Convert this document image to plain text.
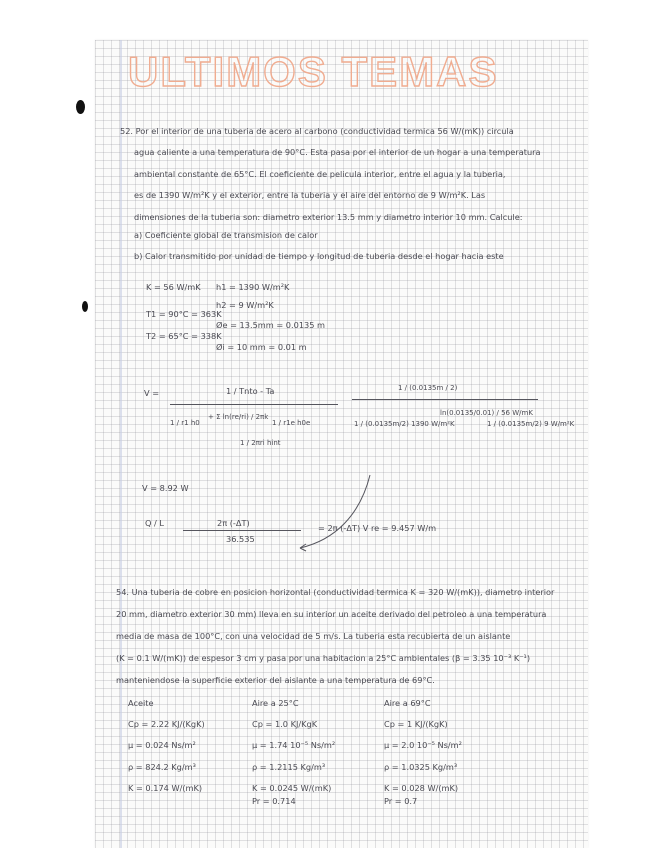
ULTIMOS TEMAS
52. Por el interior de una tuberia de acero al carbono (conductividad termica 56 W/(mK)) circula
agua caliente a una temperatura de 90°C. Esta pasa por el interior de un hogar a una temperatura
ambiental constante de 65°C. El coeficiente de pelicula interior, entre el agua y la tuberia,
es de 1390 W/m²K y el exterior, entre la tuberia y el aire del entorno de 9 W/m²K. Las
dimensiones de la tuberia son: diametro exterior 13.5 mm y diametro interior 10 mm. Calcule:
a) Coeficiente global de transmision de calor
b) Calor transmitido por unidad de tiempo y longitud de tuberia desde el hogar hacia este
K = 56 W/mK
T1 = 90°C = 363K
T2 = 65°C = 338K
h1 = 1390 W/m²K
h2 = 9 W/m²K
Øe = 13.5mm = 0.0135 m
Øi = 10 mm = 0.01 m
V =	1 / Tnto - Ta
1 / r1 h0
+ Σ ln(re/ri) / 2πk
1 / r1e h0e
1 / 2πri hint
1 / (0.0135m / 2)
1 / (0.0135m/2) 1390 W/m²K
ln(0.0135/0.01) / 56 W/mK
1 / (0.0135m/2) 9 W/m²K
V = 8.92 W
Q / L	2π (-ΔT)
36.535
= 2π (-ΔT) V re = 9.457 W/m
54. Una tuberia de cobre en posicion horizontal (conductividad termica K = 320 W/(mK)), diametro interior
20 mm, diametro exterior 30 mm) lleva en su interior un aceite derivado del petroleo a una temperatura
media de masa de 100°C, con una velocidad de 5 m/s. La tuberia esta recubierta de un aislante
(K = 0.1 W/(mK)) de espesor 3 cm y pasa por una habitacion a 25°C ambientales (β = 3.35 10⁻³ K⁻¹)
manteniendose la superficie exterior del aislante a una temperatura de 69°C.
Aceite
Cp = 2.22 KJ/(KgK)
μ = 0.024 Ns/m²
ρ = 824.2 Kg/m³
K = 0.174 W/(mK)
Aire a 25°C
Cp = 1.0 KJ/KgK
μ = 1.74 10⁻⁵ Ns/m²
ρ = 1.2115 Kg/m³
K = 0.0245 W/(mK)
Pr = 0.714
Aire a 69°C
Cp = 1 KJ/(KgK)
μ = 2.0 10⁻⁵ Ns/m²
ρ = 1.0325 Kg/m³
K = 0.028 W/(mK)
Pr = 0.7
